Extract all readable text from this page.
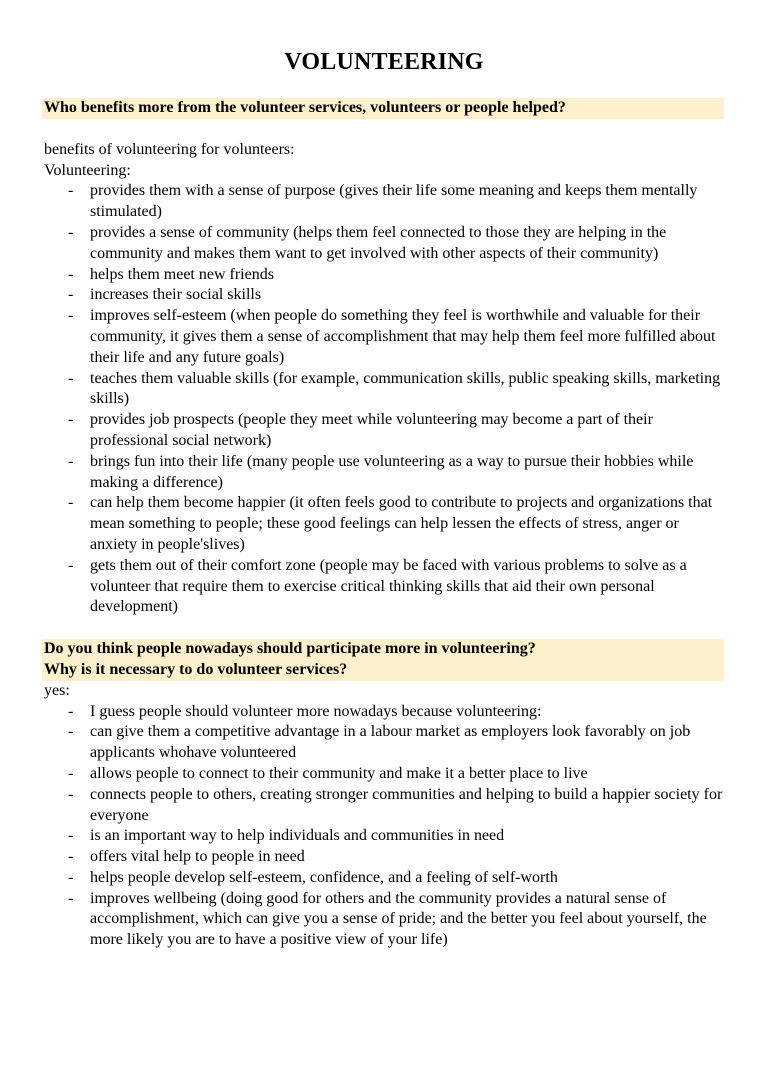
VOLUNTEERING
Who benefits more from the volunteer services, volunteers or people helped?

benefits of volunteering for volunteers:

Volunteering:

- provides them with a sense of purpose (gives their life some meaning and keeps them mentally stimulated)
- provides a sense of community (helps them feel connected to those they are helping in the community and makes them want to get involved with other aspects of their community)
- helps them meet new friends
- increases their social skills
- improves self-esteem (when people do something they feel is worthwhile and valuable for their community, it gives them a sense of accomplishment that may help them feel more fulfilled about their life and any future goals)
- teaches them valuable skills (for example, communication skills, public speaking skills, marketing skills)
- provides job prospects (people they meet while volunteering may become a part of their professional social network)
- brings fun into their life (many people use volunteering as a way to pursue their hobbies while making a difference)
- can help them become happier (it often feels good to contribute to projects and organizations that mean something to people; these good feelings can help lessen the effects of stress, anger or anxiety in people'slives)
- gets them out of their comfort zone (people may be faced with various problems to solve as a volunteer that require them to exercise critical thinking skills that aid their own personal development)
Do you think people nowadays should participate more in volunteering?
Why is it necessary to do volunteer services?

yes:

- I guess people should volunteer more nowadays because volunteering:
- can give them a competitive advantage in a labour market as employers look favorably on job applicants whohave volunteered
- allows people to connect to their community and make it a better place to live
- connects people to others, creating stronger communities and helping to build a happier society for everyone
- is an important way to help individuals and communities in need
- offers vital help to people in need
- helps people develop self-esteem, confidence, and a feeling of self-worth
- improves wellbeing (doing good for others and the community provides a natural sense of accomplishment, which can give you a sense of pride; and the better you feel about yourself, the more likely you are to have a positive view of your life)
